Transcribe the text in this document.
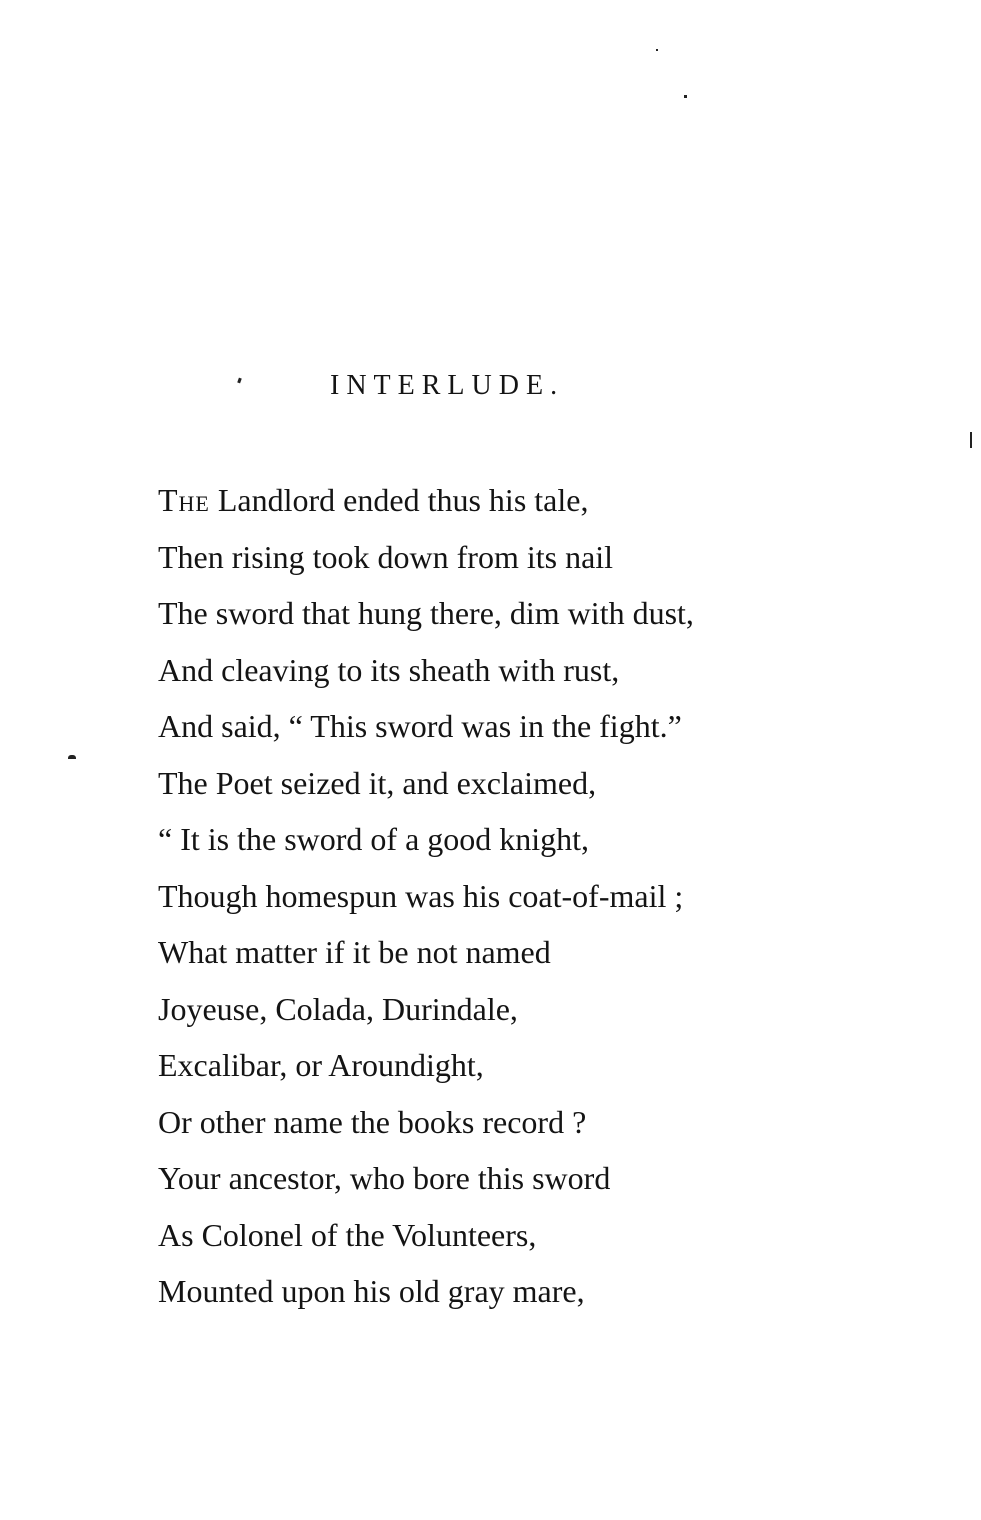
INTERLUDE.
The Landlord ended thus his tale,
Then rising took down from its nail
The sword that hung there, dim with dust,
And cleaving to its sheath with rust,
And said, “ This sword was in the fight.”
The Poet seized it, and exclaimed,
“ It is the sword of a good knight,
Though homespun was his coat-of-mail ;
What matter if it be not named
Joyeuse, Colada, Durindale,
Excalibar, or Aroundight,
Or other name the books record ?
Your ancestor, who bore this sword
As Colonel of the Volunteers,
Mounted upon his old gray mare,
